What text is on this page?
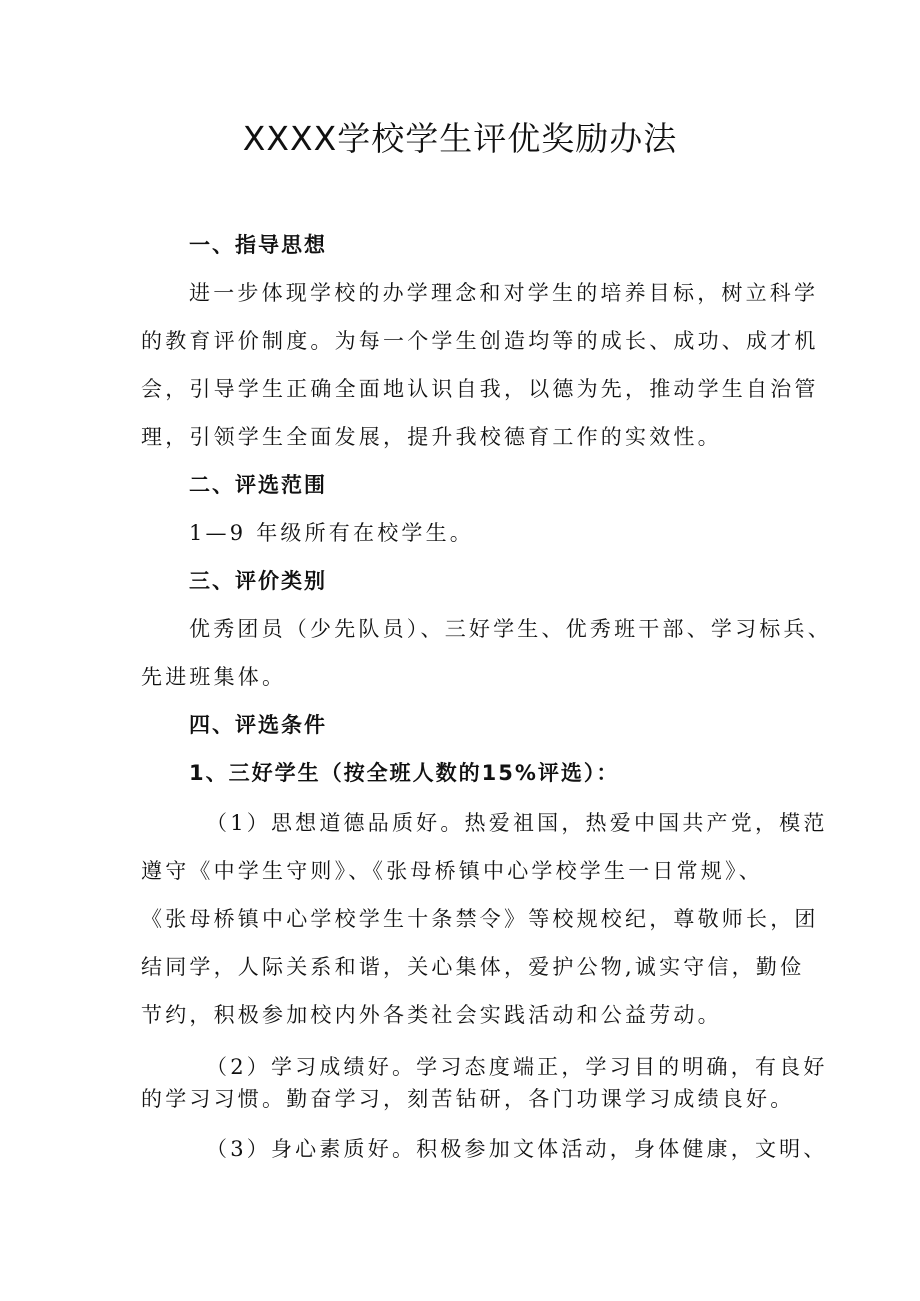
XXXX学校学生评优奖励办法
一、指导思想
进一步体现学校的办学理念和对学生的培养目标，树立科学
的教育评价制度。为每一个学生创造均等的成长、成功、成才机
会，引导学生正确全面地认识自我，以德为先，推动学生自治管
理，引领学生全面发展，提升我校德育工作的实效性。
二、评选范围
1—9 年级所有在校学生。
三、评价类别
优秀团员（少先队员）、三好学生、优秀班干部、学习标兵、
先进班集体。
四、评选条件
1、三好学生（按全班人数的15%评选）：
（1）思想道德品质好。热爱祖国，热爱中国共产党，模范
遵守《中学生守则》、《张母桥镇中心学校学生一日常规》、
《张母桥镇中心学校学生十条禁令》等校规校纪，尊敬师长，团
结同学，人际关系和谐，关心集体，爱护公物,诚实守信，勤俭
节约，积极参加校内外各类社会实践活动和公益劳动。
（2）学习成绩好。学习态度端正，学习目的明确，有良好
的学习习惯。勤奋学习，刻苦钻研，各门功课学习成绩良好。
（3）身心素质好。积极参加文体活动，身体健康，文明、
